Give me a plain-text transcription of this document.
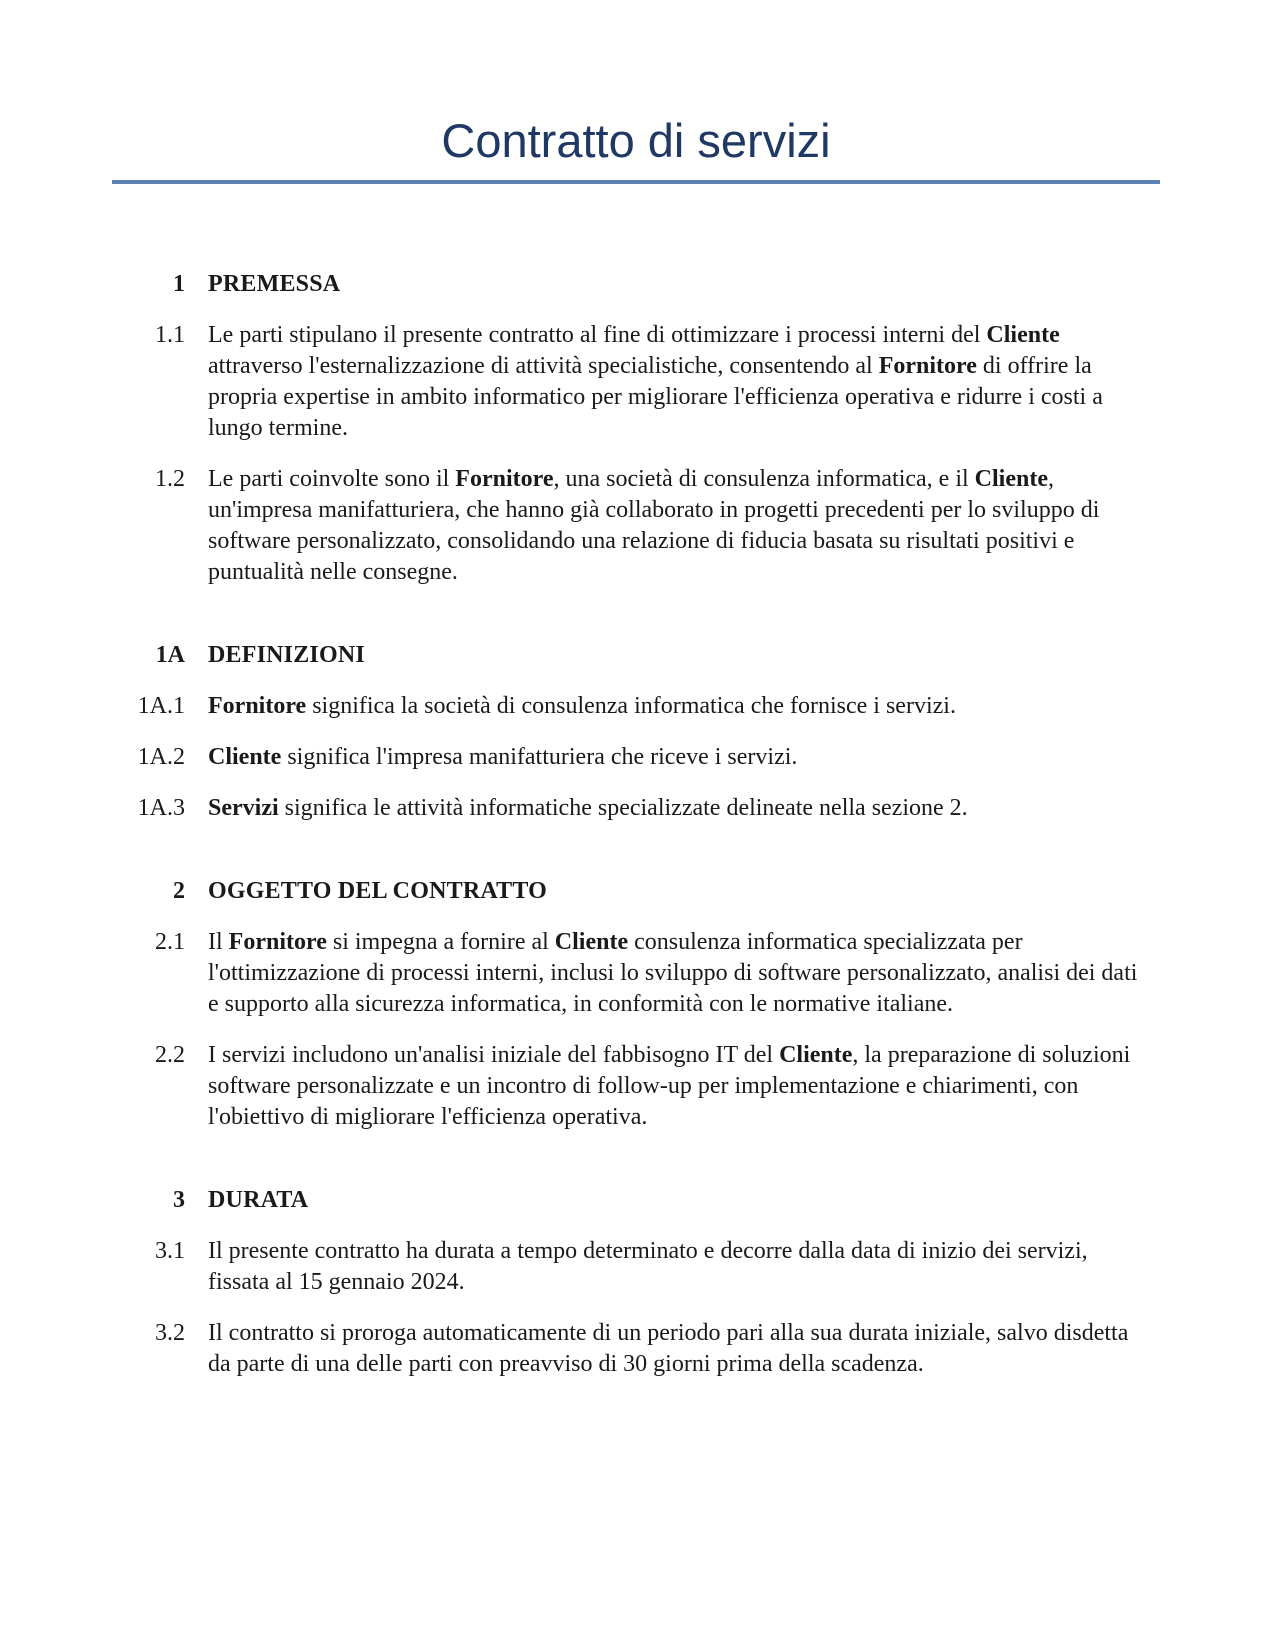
Contratto di servizi
1 PREMESSA
1.1 Le parti stipulano il presente contratto al fine di ottimizzare i processi interni del Cliente attraverso l'esternalizzazione di attività specialistiche, consentendo al Fornitore di offrire la propria expertise in ambito informatico per migliorare l'efficienza operativa e ridurre i costi a lungo termine.
1.2 Le parti coinvolte sono il Fornitore, una società di consulenza informatica, e il Cliente, un'impresa manifatturiera, che hanno già collaborato in progetti precedenti per lo sviluppo di software personalizzato, consolidando una relazione di fiducia basata su risultati positivi e puntualità nelle consegne.
1A DEFINIZIONI
1A.1 Fornitore significa la società di consulenza informatica che fornisce i servizi.
1A.2 Cliente significa l'impresa manifatturiera che riceve i servizi.
1A.3 Servizi significa le attività informatiche specializzate delineate nella sezione 2.
2 OGGETTO DEL CONTRATTO
2.1 Il Fornitore si impegna a fornire al Cliente consulenza informatica specializzata per l'ottimizzazione di processi interni, inclusi lo sviluppo di software personalizzato, analisi dei dati e supporto alla sicurezza informatica, in conformità con le normative italiane.
2.2 I servizi includono un'analisi iniziale del fabbisogno IT del Cliente, la preparazione di soluzioni software personalizzate e un incontro di follow-up per implementazione e chiarimenti, con l'obiettivo di migliorare l'efficienza operativa.
3 DURATA
3.1 Il presente contratto ha durata a tempo determinato e decorre dalla data di inizio dei servizi, fissata al 15 gennaio 2024.
3.2 Il contratto si proroga automaticamente di un periodo pari alla sua durata iniziale, salvo disdetta da parte di una delle parti con preavviso di 30 giorni prima della scadenza.
